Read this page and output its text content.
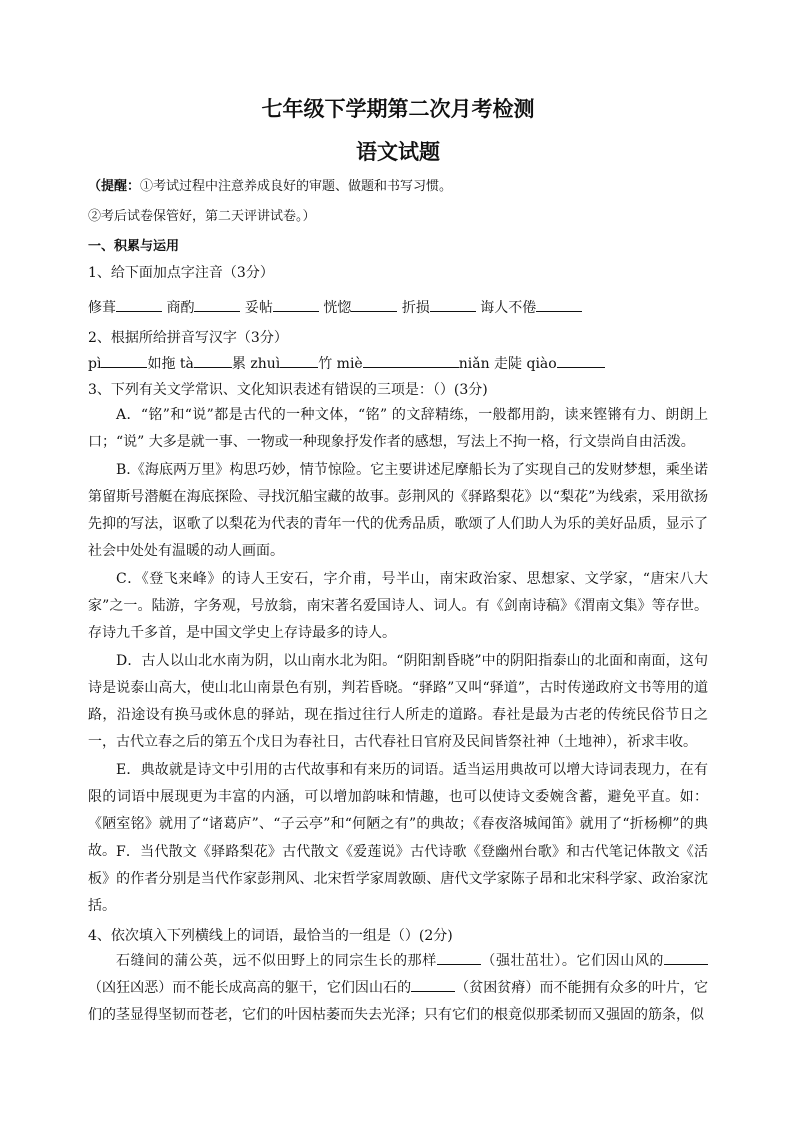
七年级下学期第二次月考检测
语文试题
（提醒：①考试过程中注意养成良好的审题、做题和书写习惯。
②考后试卷保管好，第二天评讲试卷。）
一、积累与运用
1、给下面加点字注音（3分）
修葺	商酌	妥帖	恍惚	折损	诲人不倦
2、根据所给拼音写汉字（3分）
pì	如拖 tà	累 zhuì	竹 miè	niǎn 走陡 qiào
3、下列有关文学常识、文化知识表述有错误的三项是：（）(3分)
A．“铭”和“说”都是古代的一种文体，“铭” 的文辞精练，一般都用韵，读来铿锵有力、朗朗上口；“说” 大多是就一事、一物或一种现象抒发作者的感想，写法上不拘一格，行文崇尚自由活泼。
B.《海底两万里》构思巧妙，情节惊险。它主要讲述尼摩船长为了实现自己的发财梦想，乘坐诺第留斯号潜艇在海底探险、寻找沉船宝藏的故事。彭荆风的《驿路梨花》以“梨花”为线索，采用欲扬先抑的写法，讴歌了以梨花为代表的青年一代的优秀品质，歌颂了人们助人为乐的美好品质，显示了社会中处处有温暖的动人画面。
C．《登飞来峰》的诗人王安石，字介甫，号半山，南宋政治家、思想家、文学家，“唐宋八大家”之一。陆游，字务观，号放翁，南宋著名爱国诗人、词人。有《剑南诗稿》《渭南文集》等存世。存诗九千多首，是中国文学史上存诗最多的诗人。
D．古人以山北水南为阴，以山南水北为阳。“阴阳割昏晓”中的阴阳指泰山的北面和南面，这句诗是说泰山高大，使山北山南景色有别，判若昏晓。“驿路”又叫“驿道”，古时传递政府文书等用的道路，沿途设有换马或休息的驿站，现在指过往行人所走的道路。春社是最为古老的传统民俗节日之一，古代立春之后的第五个戊日为春社日，古代春社日官府及民间皆祭社神（土地神），祈求丰收。
E．典故就是诗文中引用的古代故事和有来历的词语。适当运用典故可以增大诗词表现力，在有限的词语中展现更为丰富的内涵，可以增加韵味和情趣，也可以使诗文委婉含蓄，避免平直。如：《陋室铭》就用了“诸葛庐”、“子云亭”和“何陋之有”的典故；《春夜洛城闻笛》就用了“折杨柳”的典故。 F．当代散文《驿路梨花》古代散文《爱莲说》古代诗歌《登幽州台歌》和古代笔记体散文《活板》的作者分别是当代作家彭荆风、北宋哲学家周敦颐、唐代文学家陈子昂和北宋科学家、政治家沈括。
4、依次填入下列横线上的词语，最恰当的一组是（）(2分)
石缝间的蒲公英，远不似田野上的同宗生长的那样	（强壮茁壮）。它们因山风的（凶狂凶恶）而不能长成高高的躯干，它们因山石的	（贫困贫瘠）而不能拥有众多的叶片，它们的茎显得坚韧而苍老，它们的叶因枯萎而失去光泽；只有它们的根竟似那柔韧而又强固的筋条，似
